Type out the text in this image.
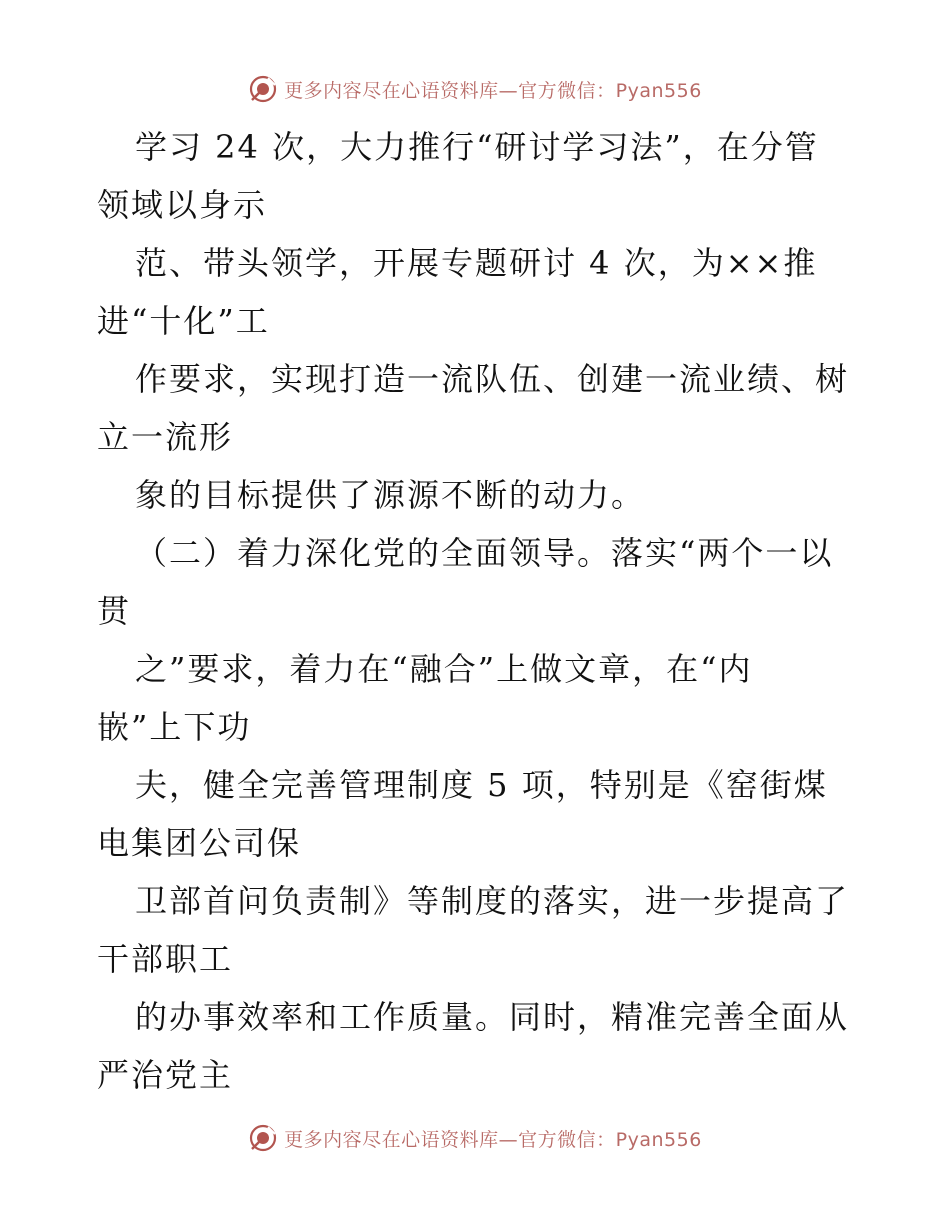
更多内容尽在心语资料库—官方微信：Pyan556
学习 24 次，大力推行“研讨学习法”，在分管
领域以身示
范、带头领学，开展专题研讨 4 次，为××推
进“十化”工
作要求，实现打造一流队伍、创建一流业绩、树
立一流形
象的目标提供了源源不断的动力。
（二）着力深化党的全面领导。落实“两个一以
贯
之”要求，着力在“融合”上做文章，在“内
嵌”上下功
夫，健全完善管理制度 5 项，特别是《窑街煤
电集团公司保
卫部首问负责制》等制度的落实，进一步提高了
干部职工
的办事效率和工作质量。同时，精准完善全面从
严治党主
更多内容尽在心语资料库—官方微信：Pyan556
